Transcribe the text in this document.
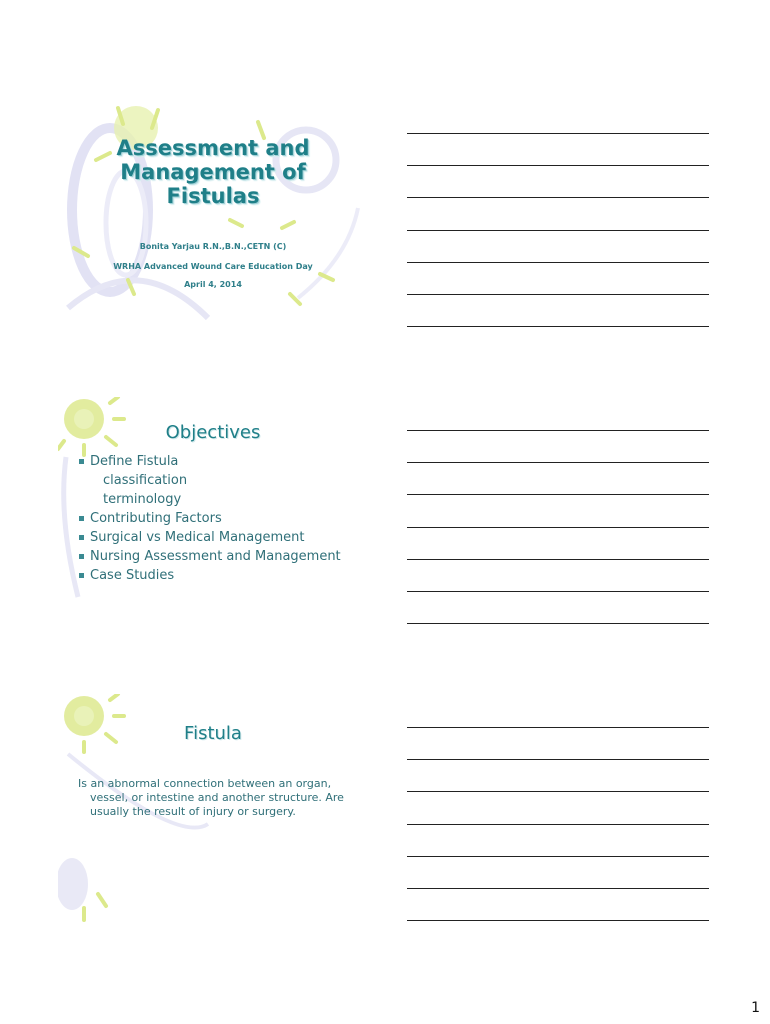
Assessment and
Management of
Fistulas
Bonita Yarjau R.N.,B.N.,CETN (C)
WRHA Advanced Wound Care Education Day
April 4, 2014
Objectives
Define Fistula
classification
terminology
Contributing Factors
Surgical vs Medical Management
Nursing Assessment and Management
Case Studies
Fistula
Is an abnormal connection between an organ, vessel, or intestine and another structure. Are usually the result of injury or surgery.
1
